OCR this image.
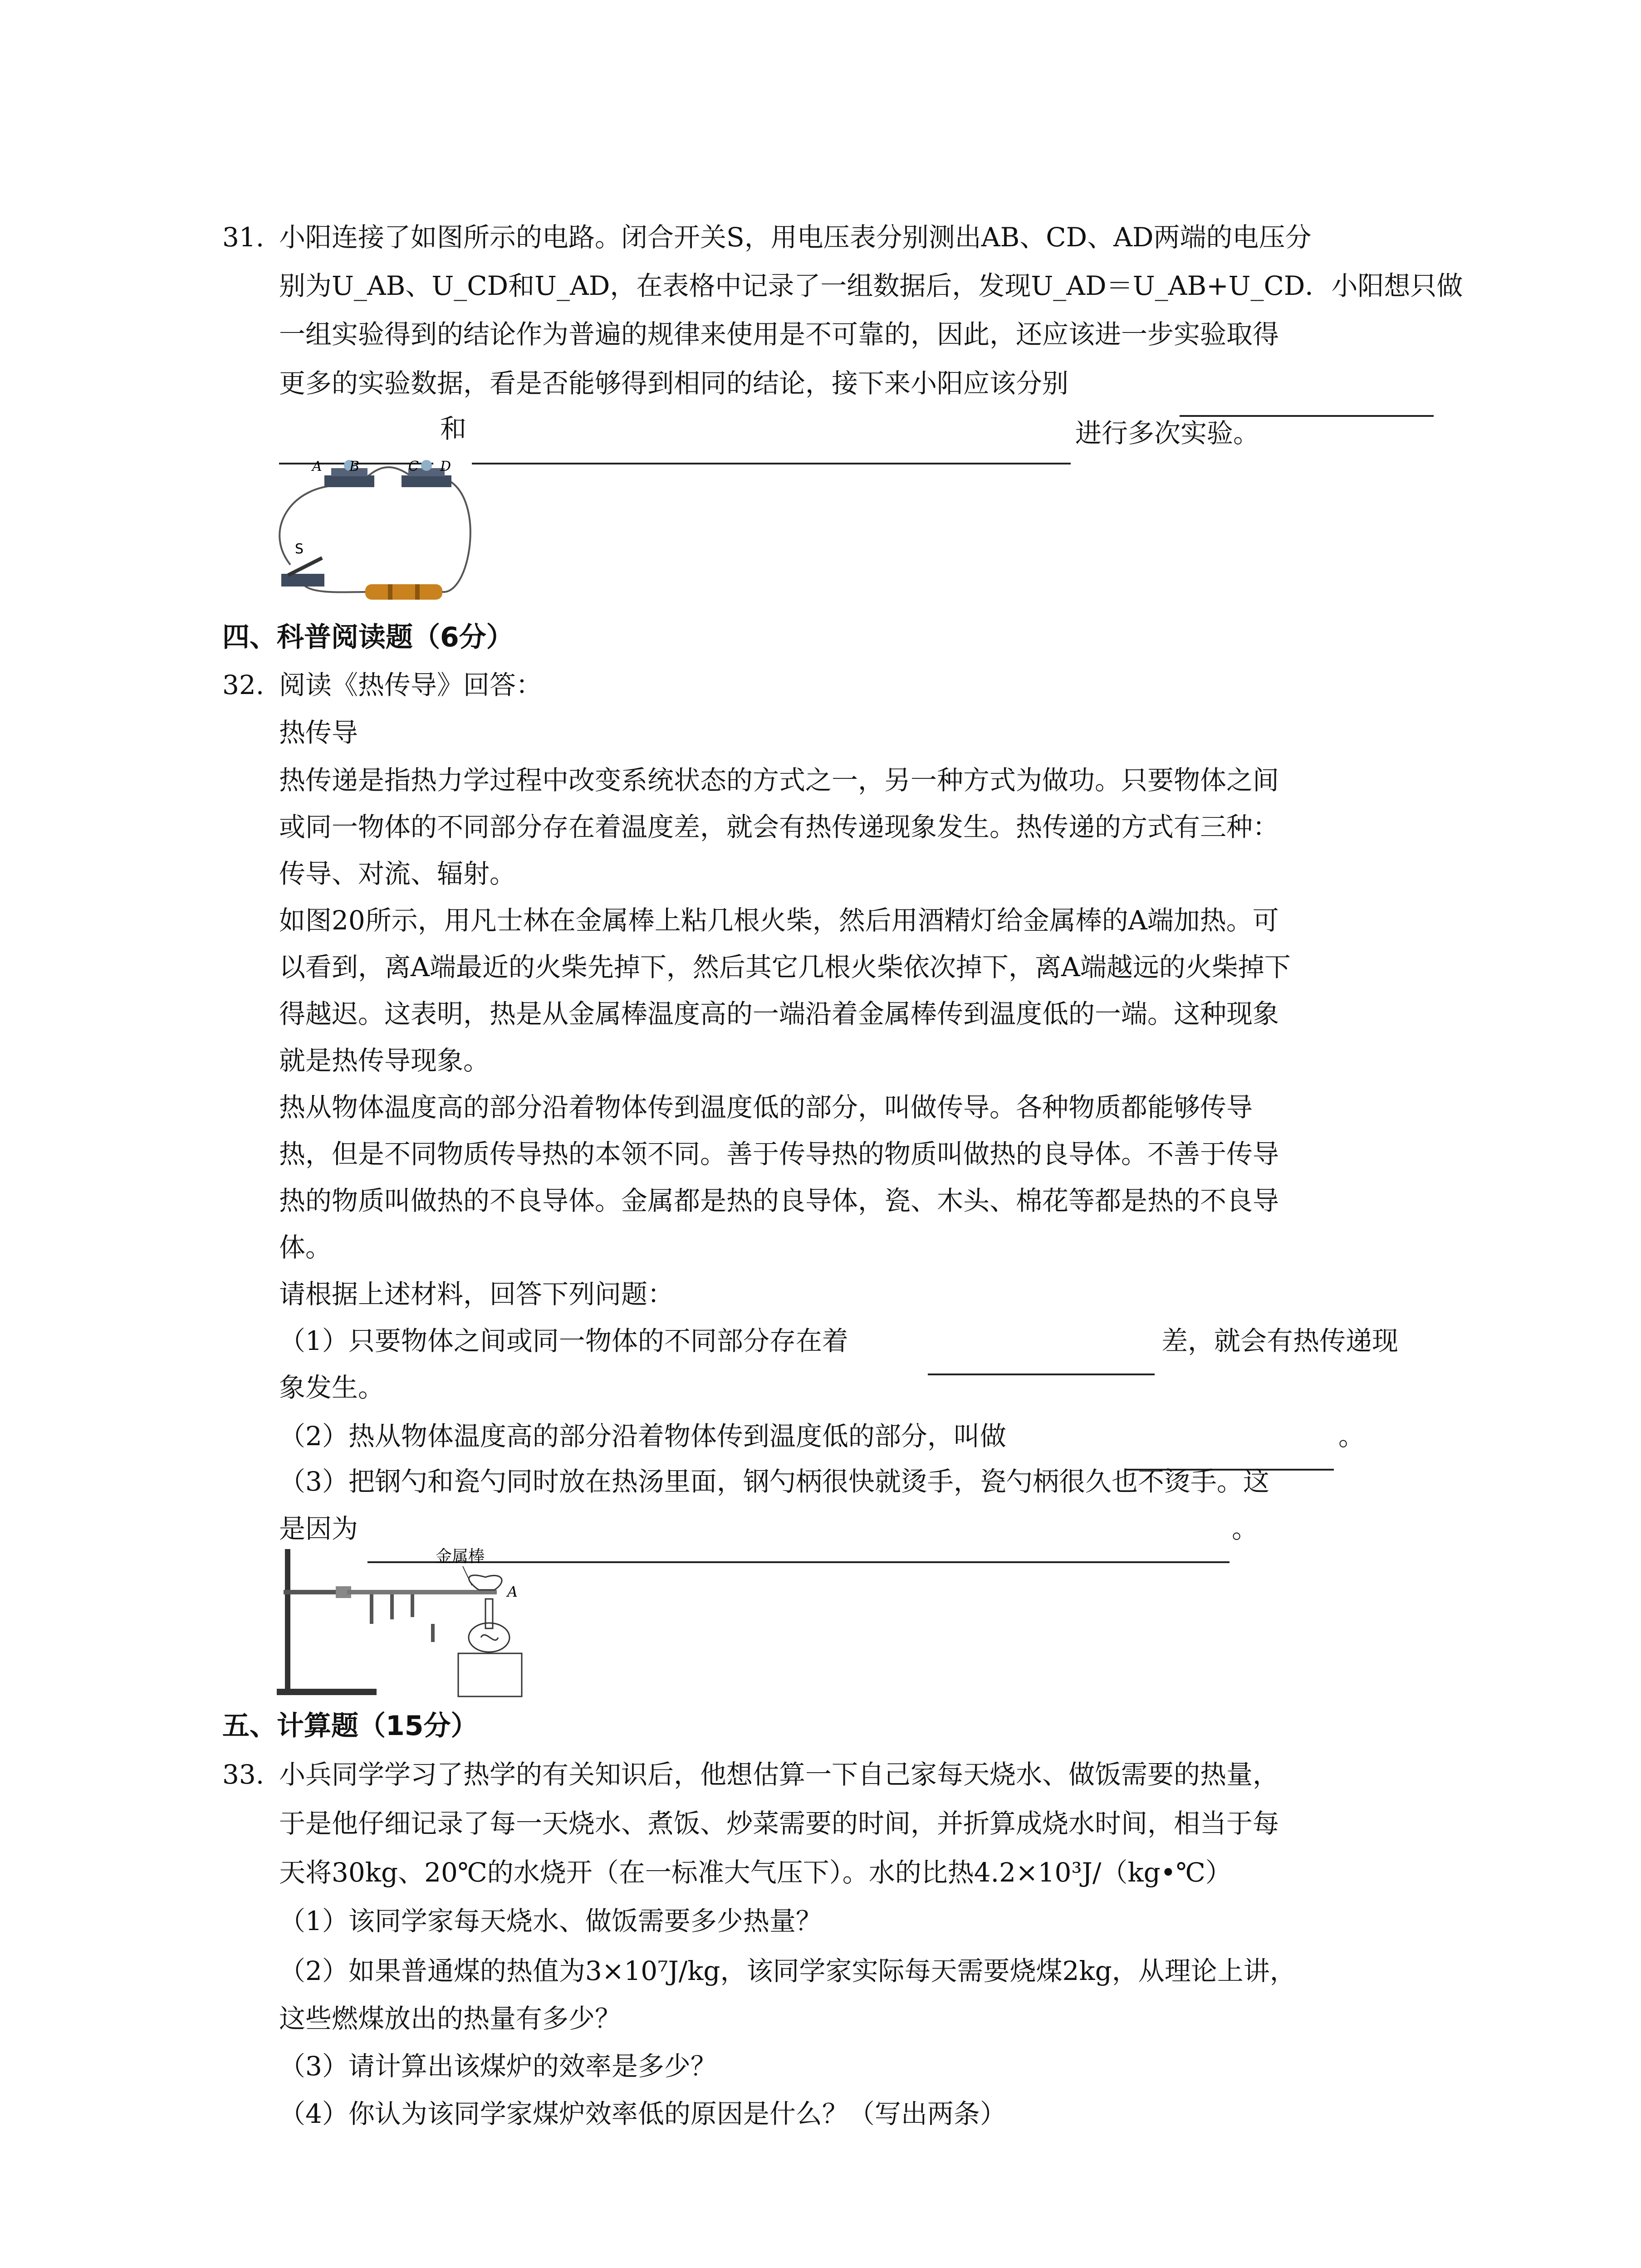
31. 小阳连接了如图所示的电路。闭合开关S，用电压表分别测出AB、CD、AD两端的电压分
别为U_AB、U_CD和U_AD，在表格中记录了一组数据后，发现U_AD＝U_AB+U_CD．小阳想只做
一组实验得到的结论作为普遍的规律来使用是不可靠的，因此，还应该进一步实验取得
更多的实验数据，看是否能够得到相同的结论，接下来小阳应该分别
和	进行多次实验。
A B	C D
S
四、科普阅读题（6分）
32. 阅读《热传导》回答：
热传导
热传递是指热力学过程中改变系统状态的方式之一，另一种方式为做功。只要物体之间
或同一物体的不同部分存在着温度差，就会有热传递现象发生。热传递的方式有三种：
传导、对流、辐射。
如图20所示，用凡士林在金属棒上粘几根火柴，然后用酒精灯给金属棒的A端加热。可
以看到，离A端最近的火柴先掉下，然后其它几根火柴依次掉下，离A端越远的火柴掉下
得越迟。这表明，热是从金属棒温度高的一端沿着金属棒传到温度低的一端。这种现象
就是热传导现象。
热从物体温度高的部分沿着物体传到温度低的部分，叫做传导。各种物质都能够传导
热，但是不同物质传导热的本领不同。善于传导热的物质叫做热的良导体。不善于传导
热的物质叫做热的不良导体。金属都是热的良导体，瓷、木头、棉花等都是热的不良导
体。
请根据上述材料，回答下列问题：
（1）只要物体之间或同一物体的不同部分存在着	差，就会有热传递现
象发生。
（2）热从物体温度高的部分沿着物体传到温度低的部分，叫做	。
（3）把钢勺和瓷勺同时放在热汤里面，钢勺柄很快就烫手，瓷勺柄很久也不烫手。这
是因为	。
金属棒
A
五、计算题（15分）
33. 小兵同学学习了热学的有关知识后，他想估算一下自己家每天烧水、做饭需要的热量，
于是他仔细记录了每一天烧水、煮饭、炒菜需要的时间，并折算成烧水时间，相当于每
天将30kg、20℃的水烧开（在一标准大气压下）。水的比热4.2×10³J/（kg•℃）
（1）该同学家每天烧水、做饭需要多少热量？
（2）如果普通煤的热值为3×10⁷J/kg，该同学家实际每天需要烧煤2kg，从理论上讲，
这些燃煤放出的热量有多少？
（3）请计算出该煤炉的效率是多少？
（4）你认为该同学家煤炉效率低的原因是什么？（写出两条）
